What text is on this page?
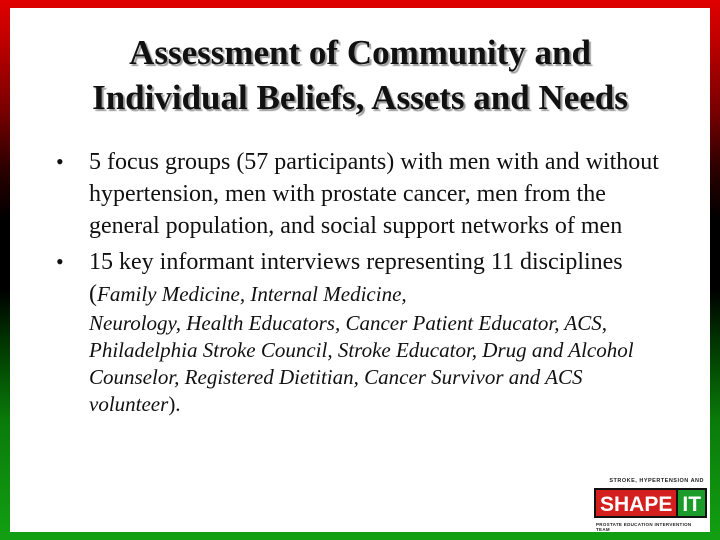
Assessment of Community and
Individual Beliefs, Assets and Needs
• 5 focus groups (57 participants) with men with and without hypertension, men with prostate cancer, men from the general population, and social support networks of men
• 15 key informant interviews representing 11 disciplines (Family Medicine, Internal Medicine,
Neurology, Health Educators, Cancer Patient Educator, ACS, Philadelphia Stroke Council, Stroke Educator, Drug and Alcohol Counselor, Registered Dietitian, Cancer Survivor and ACS volunteer).
STROKE, HYPERTENSION AND
SHAPE IT
PROSTATE EDUCATION INTERVENTION TEAM
